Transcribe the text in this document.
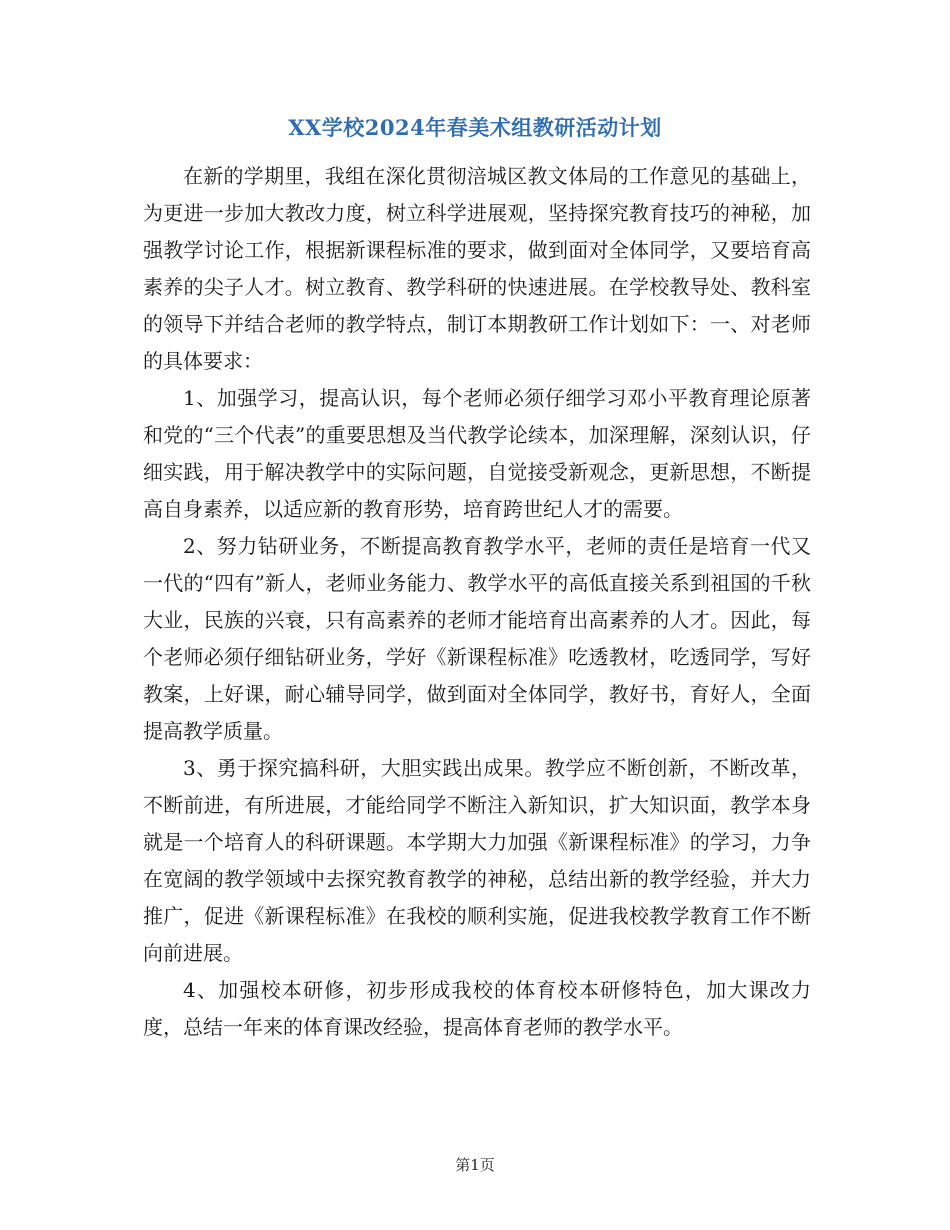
XX学校2024年春美术组教研活动计划

在新的学期里，我组在深化贯彻涪城区教文体局的工作意见的基础上，为更进一步加大教改力度，树立科学进展观，坚持探究教育技巧的神秘，加强教学讨论工作，根据新课程标准的要求，做到面对全体同学，又要培育高素养的尖子人才。树立教育、教学科研的快速进展。在学校教导处、教科室的领导下并结合老师的教学特点，制订本期教研工作计划如下：一、对老师的具体要求：

1、加强学习，提高认识，每个老师必须仔细学习邓小平教育理论原著和党的“三个代表”的重要思想及当代教学论续本，加深理解，深刻认识，仔细实践，用于解决教学中的实际问题，自觉接受新观念，更新思想，不断提高自身素养，以适应新的教育形势，培育跨世纪人才的需要。

2、努力钻研业务，不断提高教育教学水平，老师的责任是培育一代又一代的“四有”新人，老师业务能力、教学水平的高低直接关系到祖国的千秋大业，民族的兴衰，只有高素养的老师才能培育出高素养的人才。因此，每个老师必须仔细钻研业务，学好《新课程标准》吃透教材，吃透同学，写好教案，上好课，耐心辅导同学，做到面对全体同学，教好书，育好人，全面提高教学质量。

3、勇于探究搞科研，大胆实践出成果。教学应不断创新，不断改革，不断前进，有所进展，才能给同学不断注入新知识，扩大知识面，教学本身就是一个培育人的科研课题。本学期大力加强《新课程标准》的学习，力争在宽阔的教学领域中去探究教育教学的神秘，总结出新的教学经验，并大力推广，促进《新课程标准》在我校的顺利实施，促进我校教学教育工作不断向前进展。

4、加强校本研修，初步形成我校的体育校本研修特色，加大课改力度，总结一年来的体育课改经验，提高体育老师的教学水平。

第1页
